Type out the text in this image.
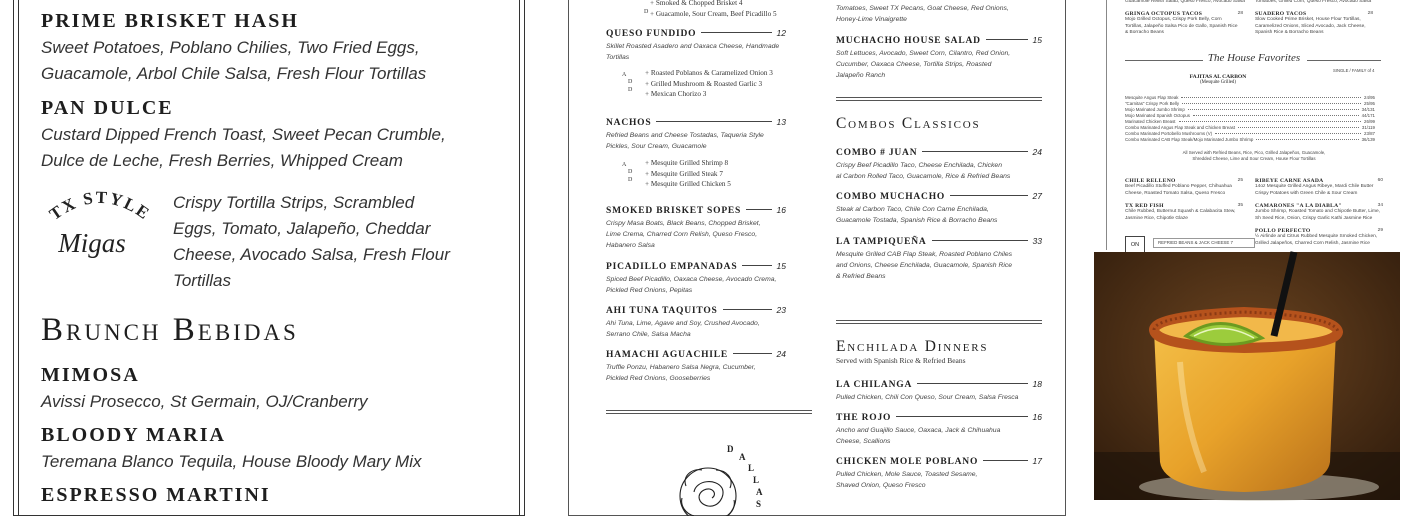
PRIME BRISKET HASH
Sweet Potatoes, Poblano Chilies, Two Fried Eggs,
Guacamole, Arbol Chile Salsa, Fresh Flour Tortillas
PAN DULCE
Custard Dipped French Toast, Sweet Pecan Crumble,
Dulce de Leche, Fresh Berries, Whipped Cream
TX STYLE
Migas
Crispy Tortilla Strips, Scrambled
Eggs, Tomato, Jalapeño, Cheddar
Cheese, Avocado Salsa, Fresh Flour
Tortillas
Brunch Bebidas
MIMOSA
Avissi Prosecco, St Germain, OJ/Cranberry
BLOODY MARIA
Teremana Blanco Tequila, House Bloody Mary Mix
ESPRESSO MARTINI
D
+ Smoked & Chopped Brisket 4
+ Guacamole, Sour Cream, Beef Picadillo 5
QUESO FUNDIDO	12
Skillet Roasted Asadero and Oaxaca Cheese, Handmade
Tortillas
A
D
D
+ Roasted Poblanos & Caramelized Onion 3
+ Grilled Mushroom & Roasted Garlic 3
+ Mexican Chorizo 3
NACHOS	13
Refried Beans and Cheese Tostadas, Taqueria Style
Pickles, Sour Cream, Guacamole
A
D
D
+ Mesquite Grilled Shrimp 8
+ Mesquite Grilled Steak 7
+ Mesquite Grilled Chicken 5
SMOKED BRISKET SOPES	16
Crispy Masa Boats, Black Beans, Chopped Brisket,
Lime Crema, Charred Corn Relish, Queso Fresco,
Habanero Salsa
PICADILLO EMPANADAS	15
Spiced Beef Picadillo, Oaxaca Cheese, Avocado Crema,
Pickled Red Onions, Pepitas
AHI TUNA TAQUITOS	23
Ahi Tuna, Lime, Agave and Soy, Crushed Avocado,
Serrano Chile, Salsa Macha
HAMACHI AGUACHILE	24
Truffle Ponzu, Habanero Salsa Negra, Cucumber,
Pickled Red Onions, Gooseberries
D
A
L
L
A
S
Tomatoes, Sweet TX Pecans, Goat Cheese, Red Onions,
Honey-Lime Vinaigrette
MUCHACHO HOUSE SALAD	15
Soft Lettuces, Avocado, Sweet Corn, Cilantro, Red Onion,
Cucumber, Oaxaca Cheese, Tortilla Strips, Roasted
Jalapeño Ranch
Combos Classicos
COMBO # JUAN	24
Crispy Beef Picadillo Taco, Cheese Enchilada, Chicken
al Carbon Rolled Taco, Guacamole, Rice & Refried Beans
COMBO MUCHACHO	27
Steak al Carbon Taco, Chile Con Carne Enchilada,
Guacamole Tostada, Spanish Rice & Borracho Beans
LA TAMPIQUEÑA	33
Mesquite Grilled CAB Flap Steak, Roasted Poblano Chiles
and Onions, Cheese Enchilada, Guacamole, Spanish Rice
& Refried Beans
Enchilada Dinners
Served with Spanish Rice & Refried Beans
LA CHILANGA	18
Pulled Chicken, Chili Con Queso, Sour Cream, Salsa Fresca
THE ROJO	16
Ancho and Guajillo Sauce, Oaxaca, Jack & Chihuahua
Cheese, Scallions
CHICKEN MOLE POBLANO	17
Pulled Chicken, Mole Sauce, Toasted Sesame,
Shaved Onion, Queso Fresco
Guacamole Relish Salad, Queso Fresco, Avocado Salsa Tomatoes, Grilled Corn, Queso Fresco, Avocado Salsa
GRINGA OCTOPUS TACOS	28
Mojo Grilled Octopus, Crispy Pork Belly, Corn
Tortillas, Jalapeño Salsa Pico de Gallo, Spanish Rice
& Borracho Beans
SUADERO TACOS	28
Slow Cooked Prime Brisket, House Flour Tortillas,
Caramelized Onions, Sliced Avocado, Jack Cheese,
Spanish Rice & Borracho Beans
The House Favorites
FAJITAS AL CARBON
(Mesquite Grilled)
SINGLE / FAMILY of 4
Mesquite Angus Flap Steak	24/95
"Carnitas" Crispy Pork Belly	25/95
Mojo Marinated Jumbo Shrimp	34/131
Mojo Marinated Spanish Octopus	44/171
Marinated Chicken Breast	26/99
Combo Marinated Angus Flap Steak and Chicken Breast	31/119
Combo Marinated Portobello Mushrooms (V)	23/87
Combo Marinated CAB Flap Steak/Mojo Marinated Jumbo Shrimp	36/139
All Served with Refried Beans, Rice, Pico, Grilled Jalapeños, Guacamole,
Shredded Cheese, Lime and Sour Cream, House Flour Tortillas
CHILE RELLENO	25
Beef Picadillo Stuffed Poblano Pepper, Chihuahua
Cheese, Roasted Tomato Salsa, Queso Fresco
TX RED FISH	35
Chile Rubbed, Butternut Squash & Calabacita Stew,
Jasmine Rice, Chipotle Glaze
ON	REFRIED BEANS & JACK CHEESE 7
RIBEYE CARNE ASADA	60
14oz Mesquite Grilled Angus Ribeye, Mardi Chile Butter
Crispy Potatoes with Green Chile & Sour Cream
CAMARONES "A LA DIABLA"	34
Jumbo Shrimp, Roasted Tomato and Chipotle Butter, Lime,
Sh Seed Rice, Onion, Crispy Garlic Kathi Jasmine Rice
POLLO PERFECTO	29
½ Airlinde and Citrus Rubbed Mesquite Smoked Chicken,
Grilled Jalapeños, Charred Corn Relish, Jasmine Rice
